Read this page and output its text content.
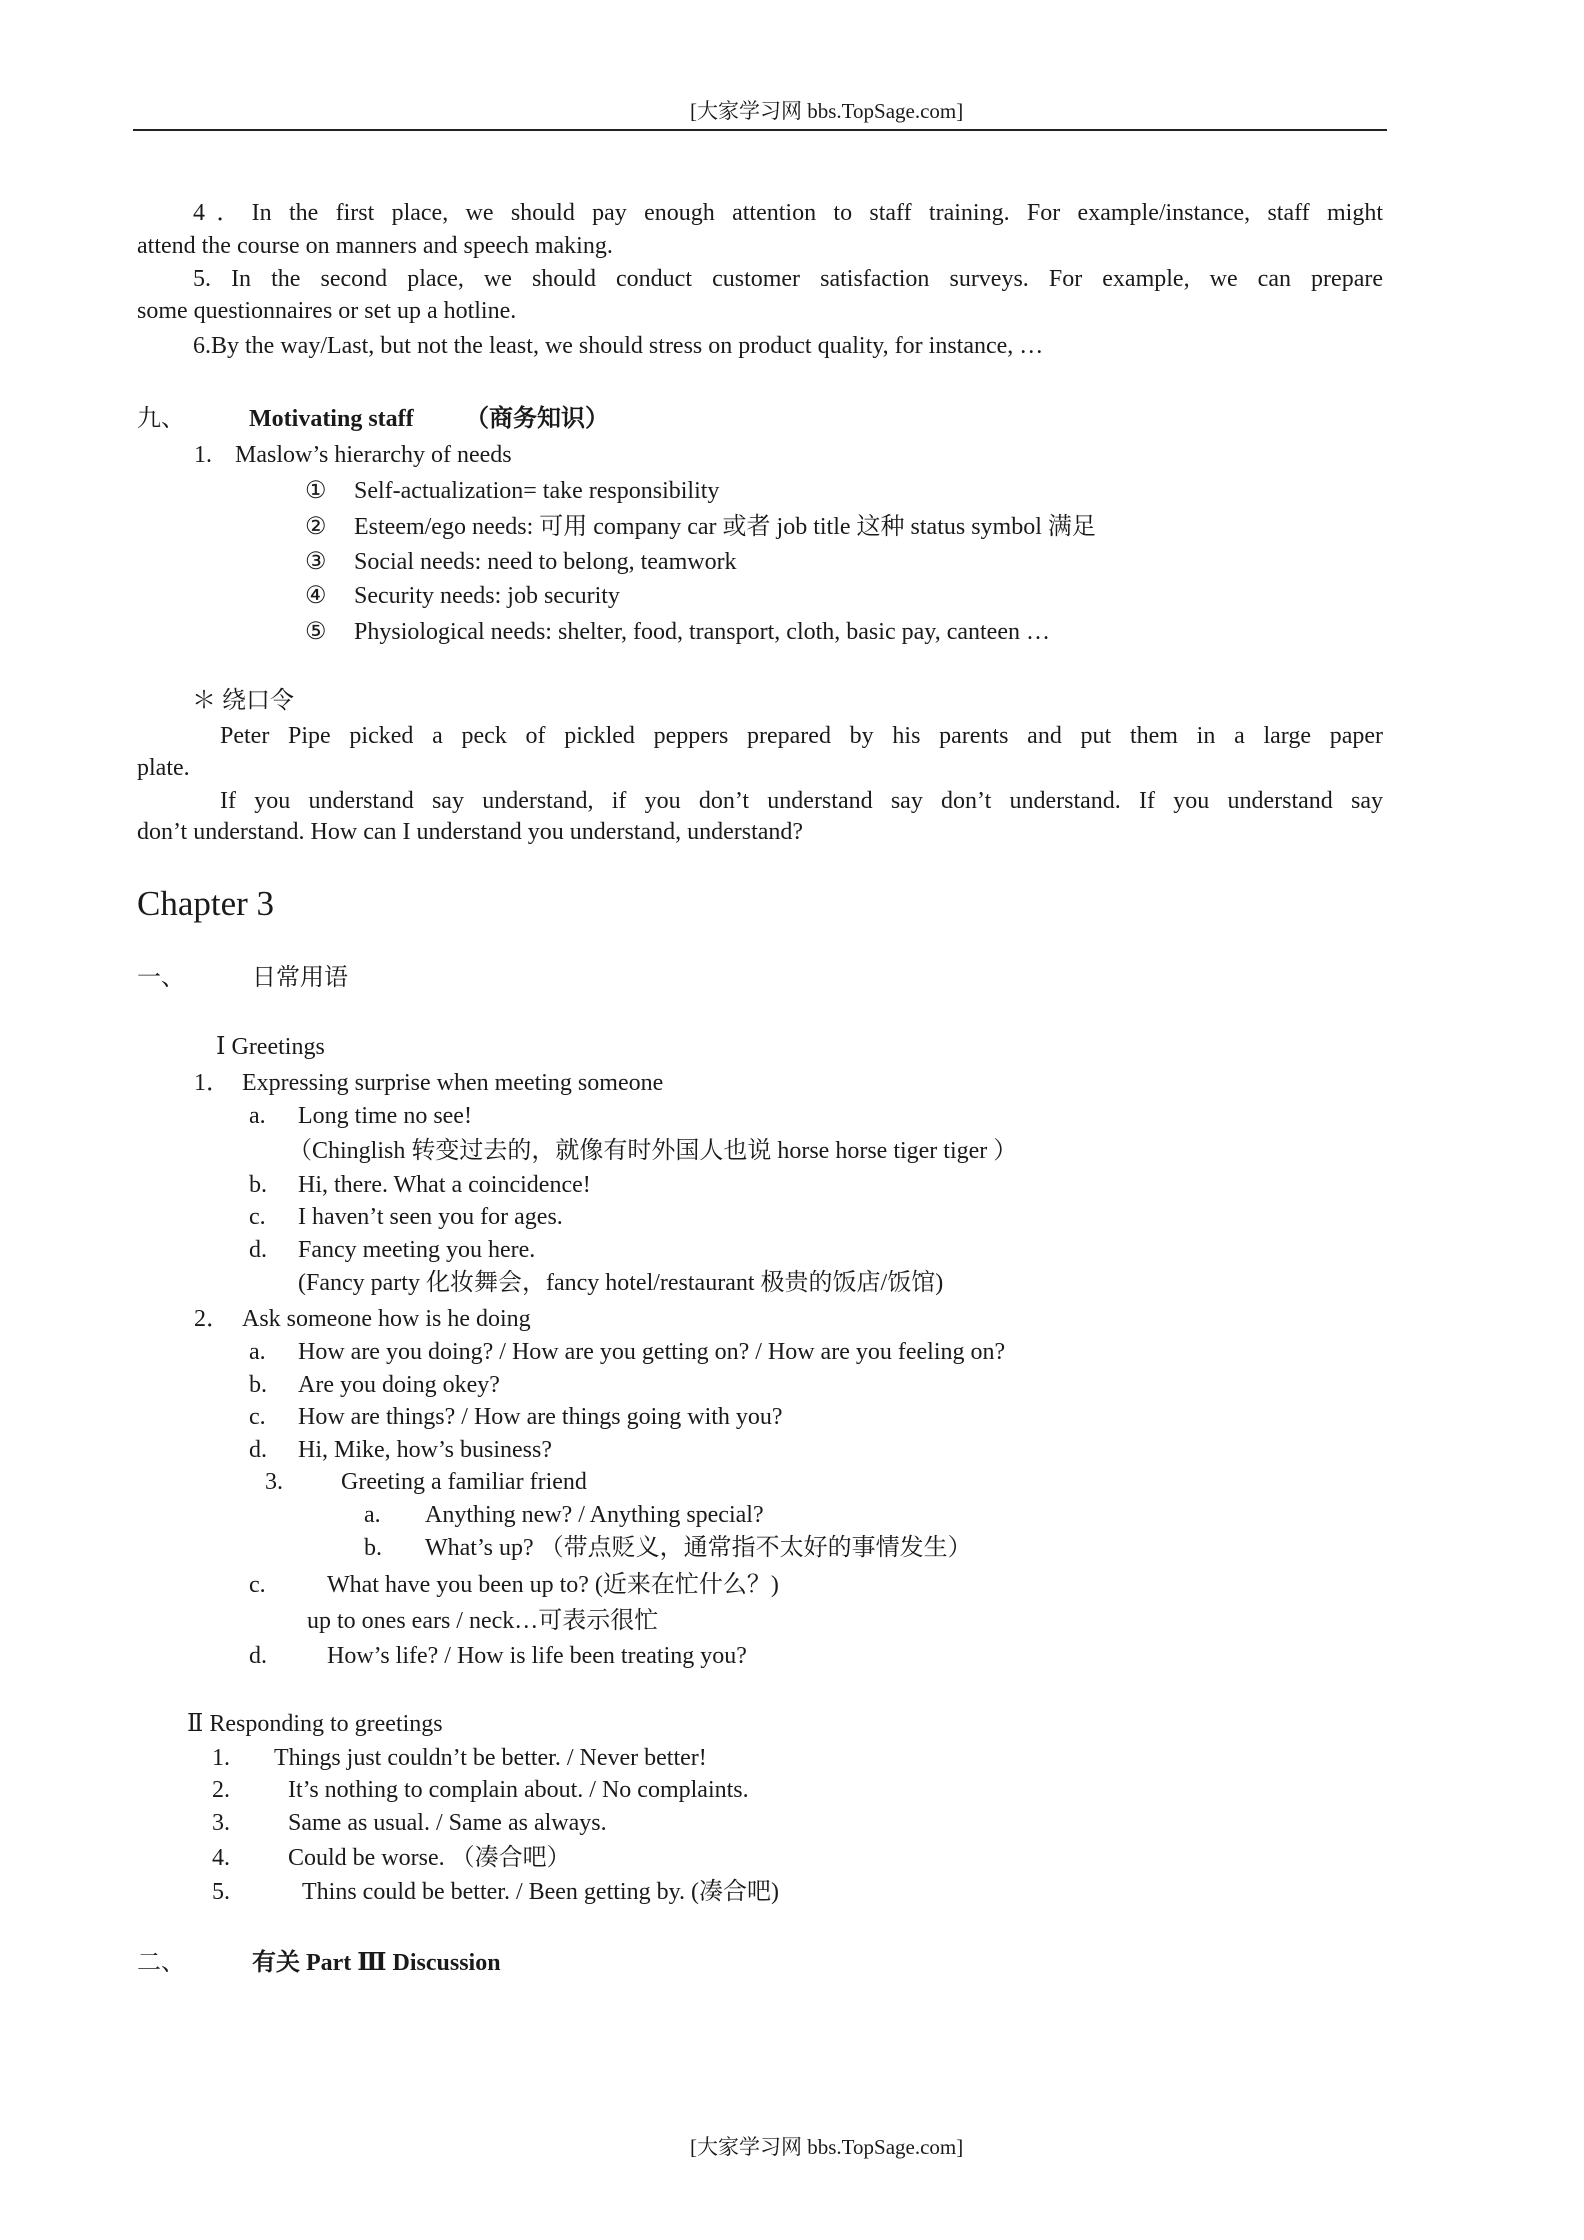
[大家学习网 bbs.TopSage.com]
4．In the first place, we should pay enough attention to staff training. For example/instance, staff might
attend the course on manners and speech making.
5. In the second place, we should conduct customer satisfaction surveys. For example, we can prepare
some questionnaires or set up a hotline.
6.By the way/Last, but not the least, we should stress on product quality, for instance, …
九、	Motivating staff （商务知识）
1. Maslow’s hierarchy of needs
＊ 绕口令
Peter Pipe picked a peck of pickled peppers prepared by his parents and put them in a large paper
plate.
If you understand say understand, if you don’t understand say don’t understand. If you understand say
don’t understand. How can I understand you understand, understand?
Chapter 3
一、	日常用语
Ⅰ Greetings
1． Expressing surprise when meeting someone
（Chinglish 转变过去的，就像有时外国人也说 horse horse tiger tiger ）
(Fancy party 化妆舞会，fancy hotel/restaurant 极贵的饭店/饭馆)
2． Ask someone how is he doing
3. Greeting a familiar friend
up to ones ears / neck…可表示很忙
Ⅱ Responding to greetings
二、	有关 Part Ⅲ Discussion
[大家学习网 bbs.TopSage.com]
① Self-actualization= take responsibility
② Esteem/ego needs: 可用 company car 或者 job title 这种 status symbol 满足
③ Social needs: need to belong, teamwork
④ Security needs: job security
⑤ Physiological needs: shelter, food, transport, cloth, basic pay, canteen …
a. Long time no see!
b. Hi, there. What a coincidence!
c. I haven’t seen you for ages.
d. Fancy meeting you here.
a. How are you doing? / How are you getting on? / How are you feeling on?
b. Are you doing okey?
c. How are things? / How are things going with you?
d. Hi, Mike, how’s business?
a. Anything new? / Anything special?
b. What’s up? （带点贬义，通常指不太好的事情发生）
c.	What have you been up to? (近来在忙什么？)
d.	How’s life? / How is life been treating you?
1. Things just couldn’t be better. / Never better!
2. It’s nothing to complain about. / No complaints.
3. Same as usual. / Same as always.
4. Could be worse. （凑合吧）
5.	Thins could be better. / Been getting by. (凑合吧)
